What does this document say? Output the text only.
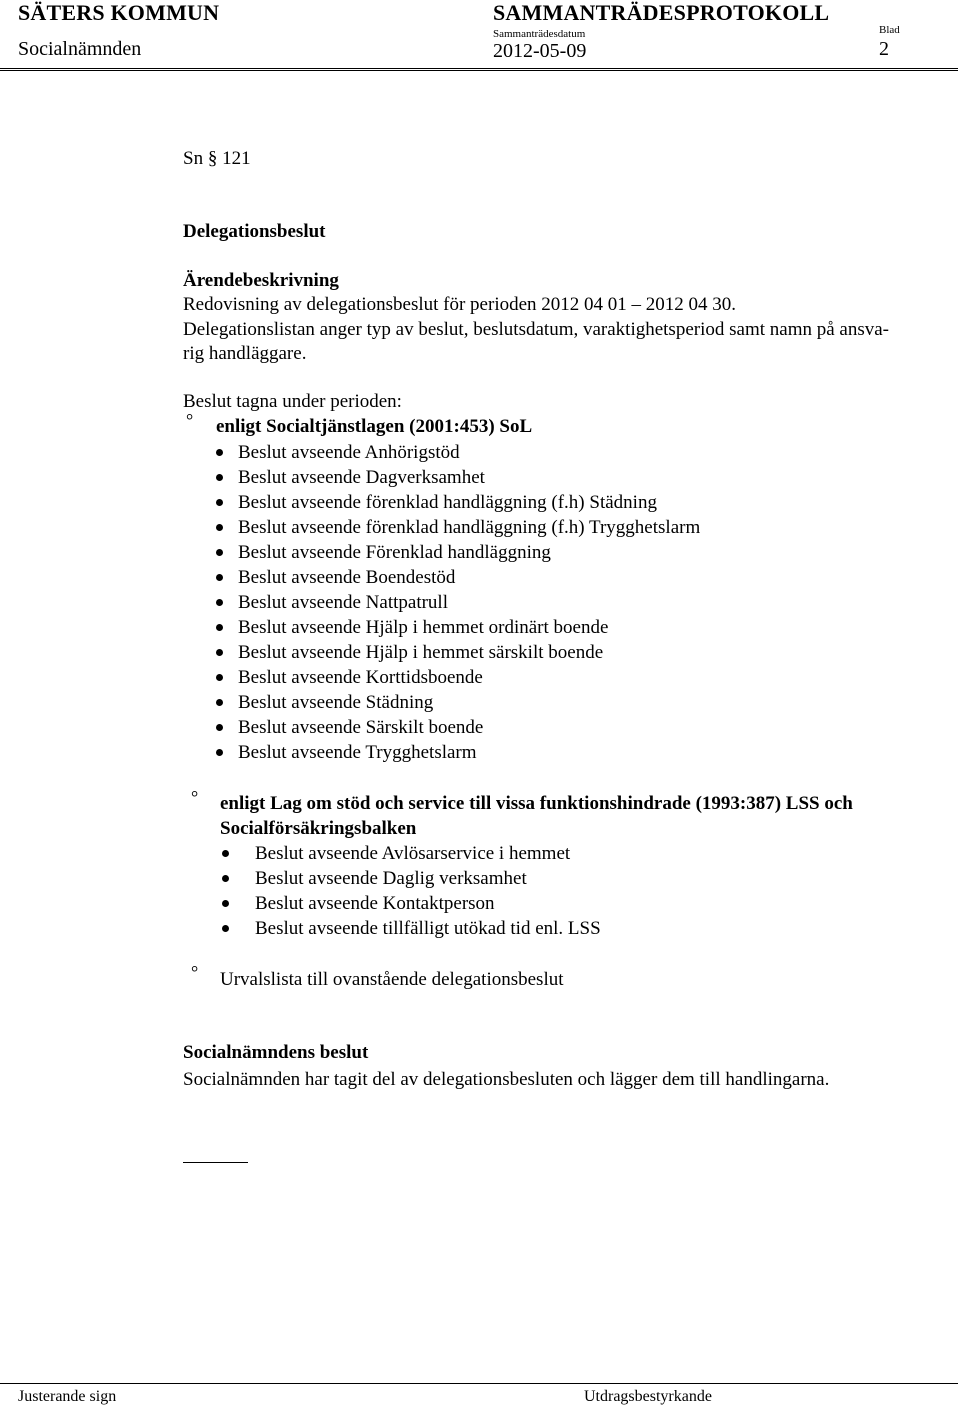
SÄTERS KOMMUN	SAMMANTRÄDESPROTOKOLL
Socialnämnden
Sammanträdesdatum
2012-05-09
Blad
2
Sn § 121
Delegationsbeslut
Ärendebeskrivning
Redovisning av delegationsbeslut för perioden 2012 04 01 – 2012 04 30.
Delegationslistan anger typ av beslut, beslutsdatum, varaktighetsperiod samt namn på ansva-
rig handläggare.
Beslut tagna under perioden:
° enligt Socialtjänstlagen (2001:453) SoL
Beslut avseende Anhörigstöd
Beslut avseende Dagverksamhet
Beslut avseende förenklad handläggning (f.h) Städning
Beslut avseende förenklad handläggning (f.h) Trygghetslarm
Beslut avseende Förenklad handläggning
Beslut avseende Boendestöd
Beslut avseende Nattpatrull
Beslut avseende Hjälp i hemmet ordinärt boende
Beslut avseende Hjälp i hemmet särskilt boende
Beslut avseende Korttidsboende
Beslut avseende Städning
Beslut avseende Särskilt boende
Beslut avseende Trygghetslarm
° enligt Lag om stöd och service till vissa funktionshindrade (1993:387) LSS och
Socialförsäkringsbalken
Beslut avseende Avlösarservice i hemmet
Beslut avseende Daglig verksamhet
Beslut avseende Kontaktperson
Beslut avseende tillfälligt utökad tid enl. LSS
° Urvalslista till ovanstående delegationsbeslut
Socialnämndens beslut
Socialnämnden har tagit del av delegationsbesluten och lägger dem till handlingarna.
Justerande sign	Utdragsbestyrkande
